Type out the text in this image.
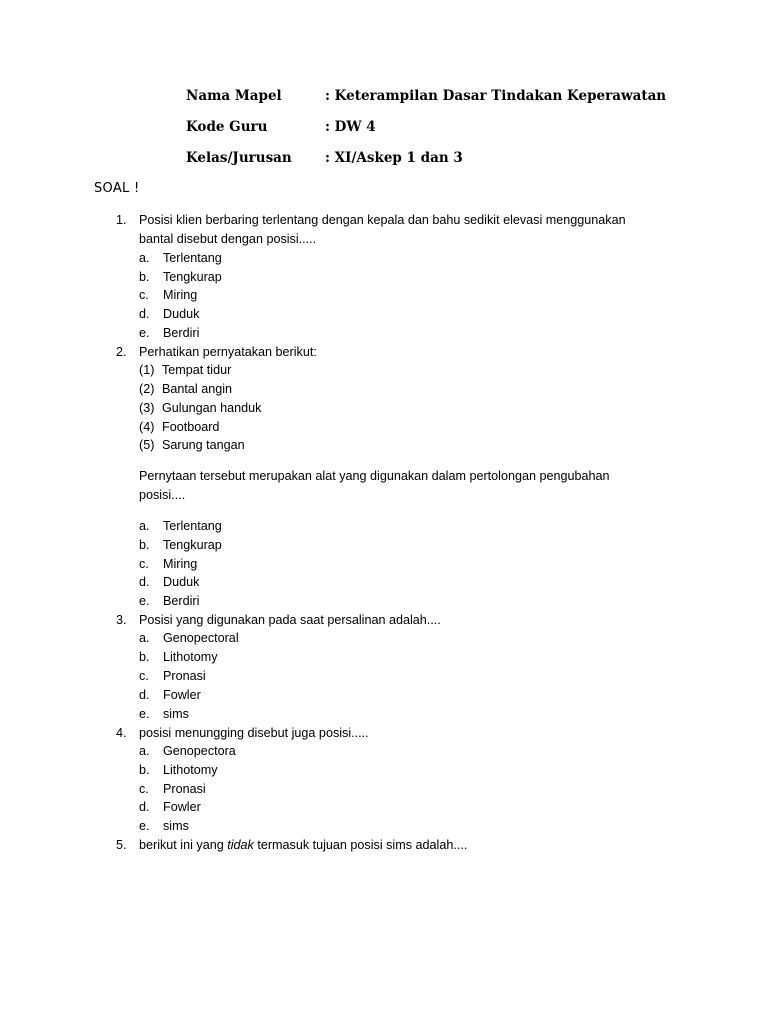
Nama Mapel	: Keterampilan Dasar Tindakan Keperawatan
Kode Guru	: DW 4
Kelas/Jurusan : XI/Askep 1 dan 3
SOAL !
1. Posisi klien berbaring terlentang dengan kepala dan bahu sedikit elevasi menggunakan
bantal disebut dengan posisi.....
a. Terlentang
b. Tengkurap
c. Miring
d. Duduk
e. Berdiri
2. Perhatikan pernyatakan berikut:
(1) Tempat tidur
(2) Bantal angin
(3) Gulungan handuk
(4) Footboard
(5) Sarung tangan
Pernytaan tersebut merupakan alat yang digunakan dalam pertolongan pengubahan
posisi....
a. Terlentang
b. Tengkurap
c. Miring
d. Duduk
e. Berdiri
3. Posisi yang digunakan pada saat persalinan adalah....
a. Genopectoral
b. Lithotomy
c. Pronasi
d. Fowler
e. sims
4. posisi menungging disebut juga posisi.....
a. Genopectora
b. Lithotomy
c. Pronasi
d. Fowler
e. sims
5. berikut ini yang tidak termasuk tujuan posisi sims adalah....
